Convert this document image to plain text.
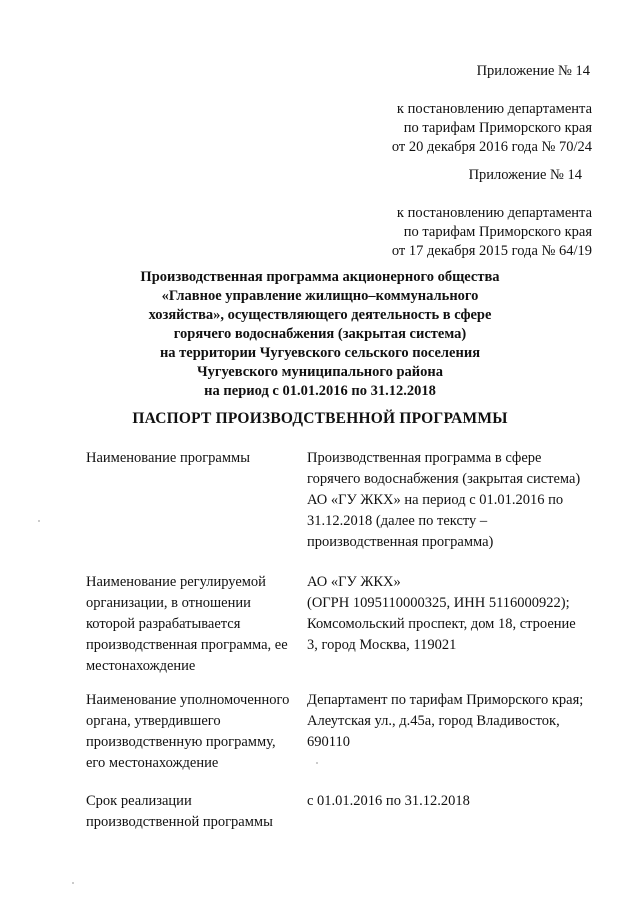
Приложение № 14
к постановлению департамента
по тарифам Приморского края
от 20 декабря 2016 года № 70/24
Приложение № 14
к постановлению департамента
по тарифам Приморского края
от 17 декабря 2015 года № 64/19
Производственная программа акционерного общества
«Главное управление жилищно–коммунального
хозяйства», осуществляющего деятельность в сфере
горячего водоснабжения (закрытая система)
на территории Чугуевского сельского поселения
Чугуевского муниципального района
на период с 01.01.2016 по 31.12.2018
ПАСПОРТ ПРОИЗВОДСТВЕННОЙ ПРОГРАММЫ
Наименование программы	Производственная программа в сфере
горячего водоснабжения (закрытая система)
АО «ГУ ЖКХ» на период с 01.01.2016 по
31.12.2018 (далее по тексту –
производственная программа)
Наименование регулируемой
организации, в отношении
которой разрабатывается
производственная программа, ее
местонахождение
АО «ГУ ЖКХ»
(ОГРН 1095110000325, ИНН 5116000922);
Комсомольский проспект, дом 18, строение
3, город Москва, 119021
Наименование уполномоченного
органа, утвердившего
производственную программу,
его местонахождение
Департамент по тарифам Приморского края;
Алеутская ул., д.45а, город Владивосток,
690110
Срок реализации
производственной программы
с 01.01.2016 по 31.12.2018
